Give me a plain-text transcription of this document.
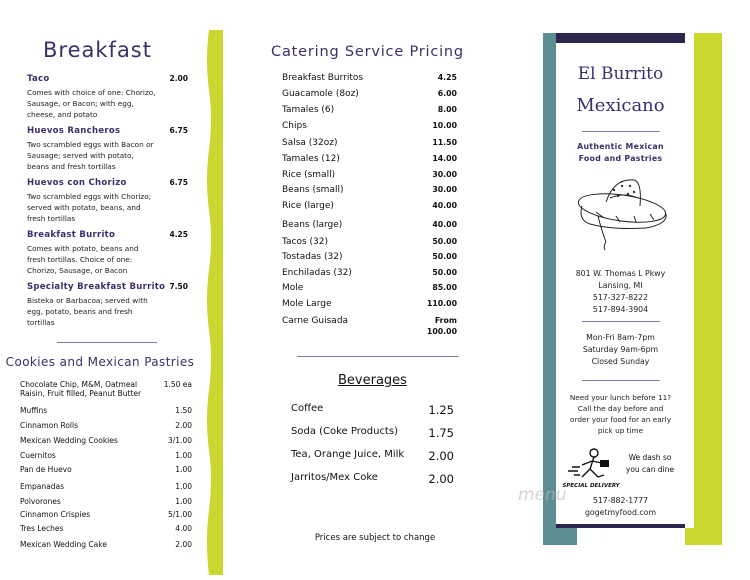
Breakfast
Taco	2.00
Comes with choice of one: Chorizo,
Sausage, or Bacon; with egg,
cheese, and potato
Huevos Rancheros	6.75
Two scrambled eggs with Bacon or
Sausage; served with potato,
beans and fresh tortillas
Huevos con Chorizo	6.75
Two scrambled eggs with Chorizo;
served with potato, beans, and
fresh tortillas
Breakfast Burrito	4.25
Comes with potato, beans and
fresh tortillas. Choice of one:
Chorizo, Sausage, or Bacon
Specialty Breakfast Burrito 7.50
Bisteka or Barbacoa; served with
egg, potato, beans and fresh
tortillas
Cookies and Mexican Pastries
Chocolate Chip, M&M, Oatmeal Raisin, Fruit filled, Peanut Butter
1.50 ea
Muffins	1.50
Cinnamon Rolls	2.00
Mexican Wedding Cookies	3/1.00
Cuernitos	1.00
Pan de Huevo	1.00
Empanadas	1.00
Polvorones	1.00
Cinnamon Crispies	5/1.00
Tres Leches	4.00
Mexican Wedding Cake	2.00
Catering Service Pricing
Breakfast Burritos	4.25
Guacamole (8oz)	6.00
Tamales (6)	8.00
Chips	10.00
Salsa (32oz)	11.50
Tamales (12)	14.00
Rice (small)	30.00
Beans (small)	30.00
Rice (large)	40.00
Beans (large)	40.00
Tacos (32)	50.00
Tostadas (32)	50.00
Enchiladas (32)	50.00
Mole	85.00
Mole Large	110.00
Carne Guisada	From 100.00
Beverages
Coffee	1.25
Soda (Coke Products)	1.75
Tea, Orange Juice, Milk 2.00
Jarritos/Mex Coke	2.00
Prices are subject to change
El Burrito
Mexicano
Authentic Mexican
Food and Pastries
801 W. Thomas L Pkwy
Lansing, MI
517-327-8222
517-894-3904
Mon-Fri 8am-7pm
Saturday 9am-6pm
Closed Sunday
Need your lunch before 11?
Call the day before and
order your food for an early
pick up time
SPECIAL DELIVERY
We dash so
you can dine
menu	517-882-1777
gogetmyfood.com
